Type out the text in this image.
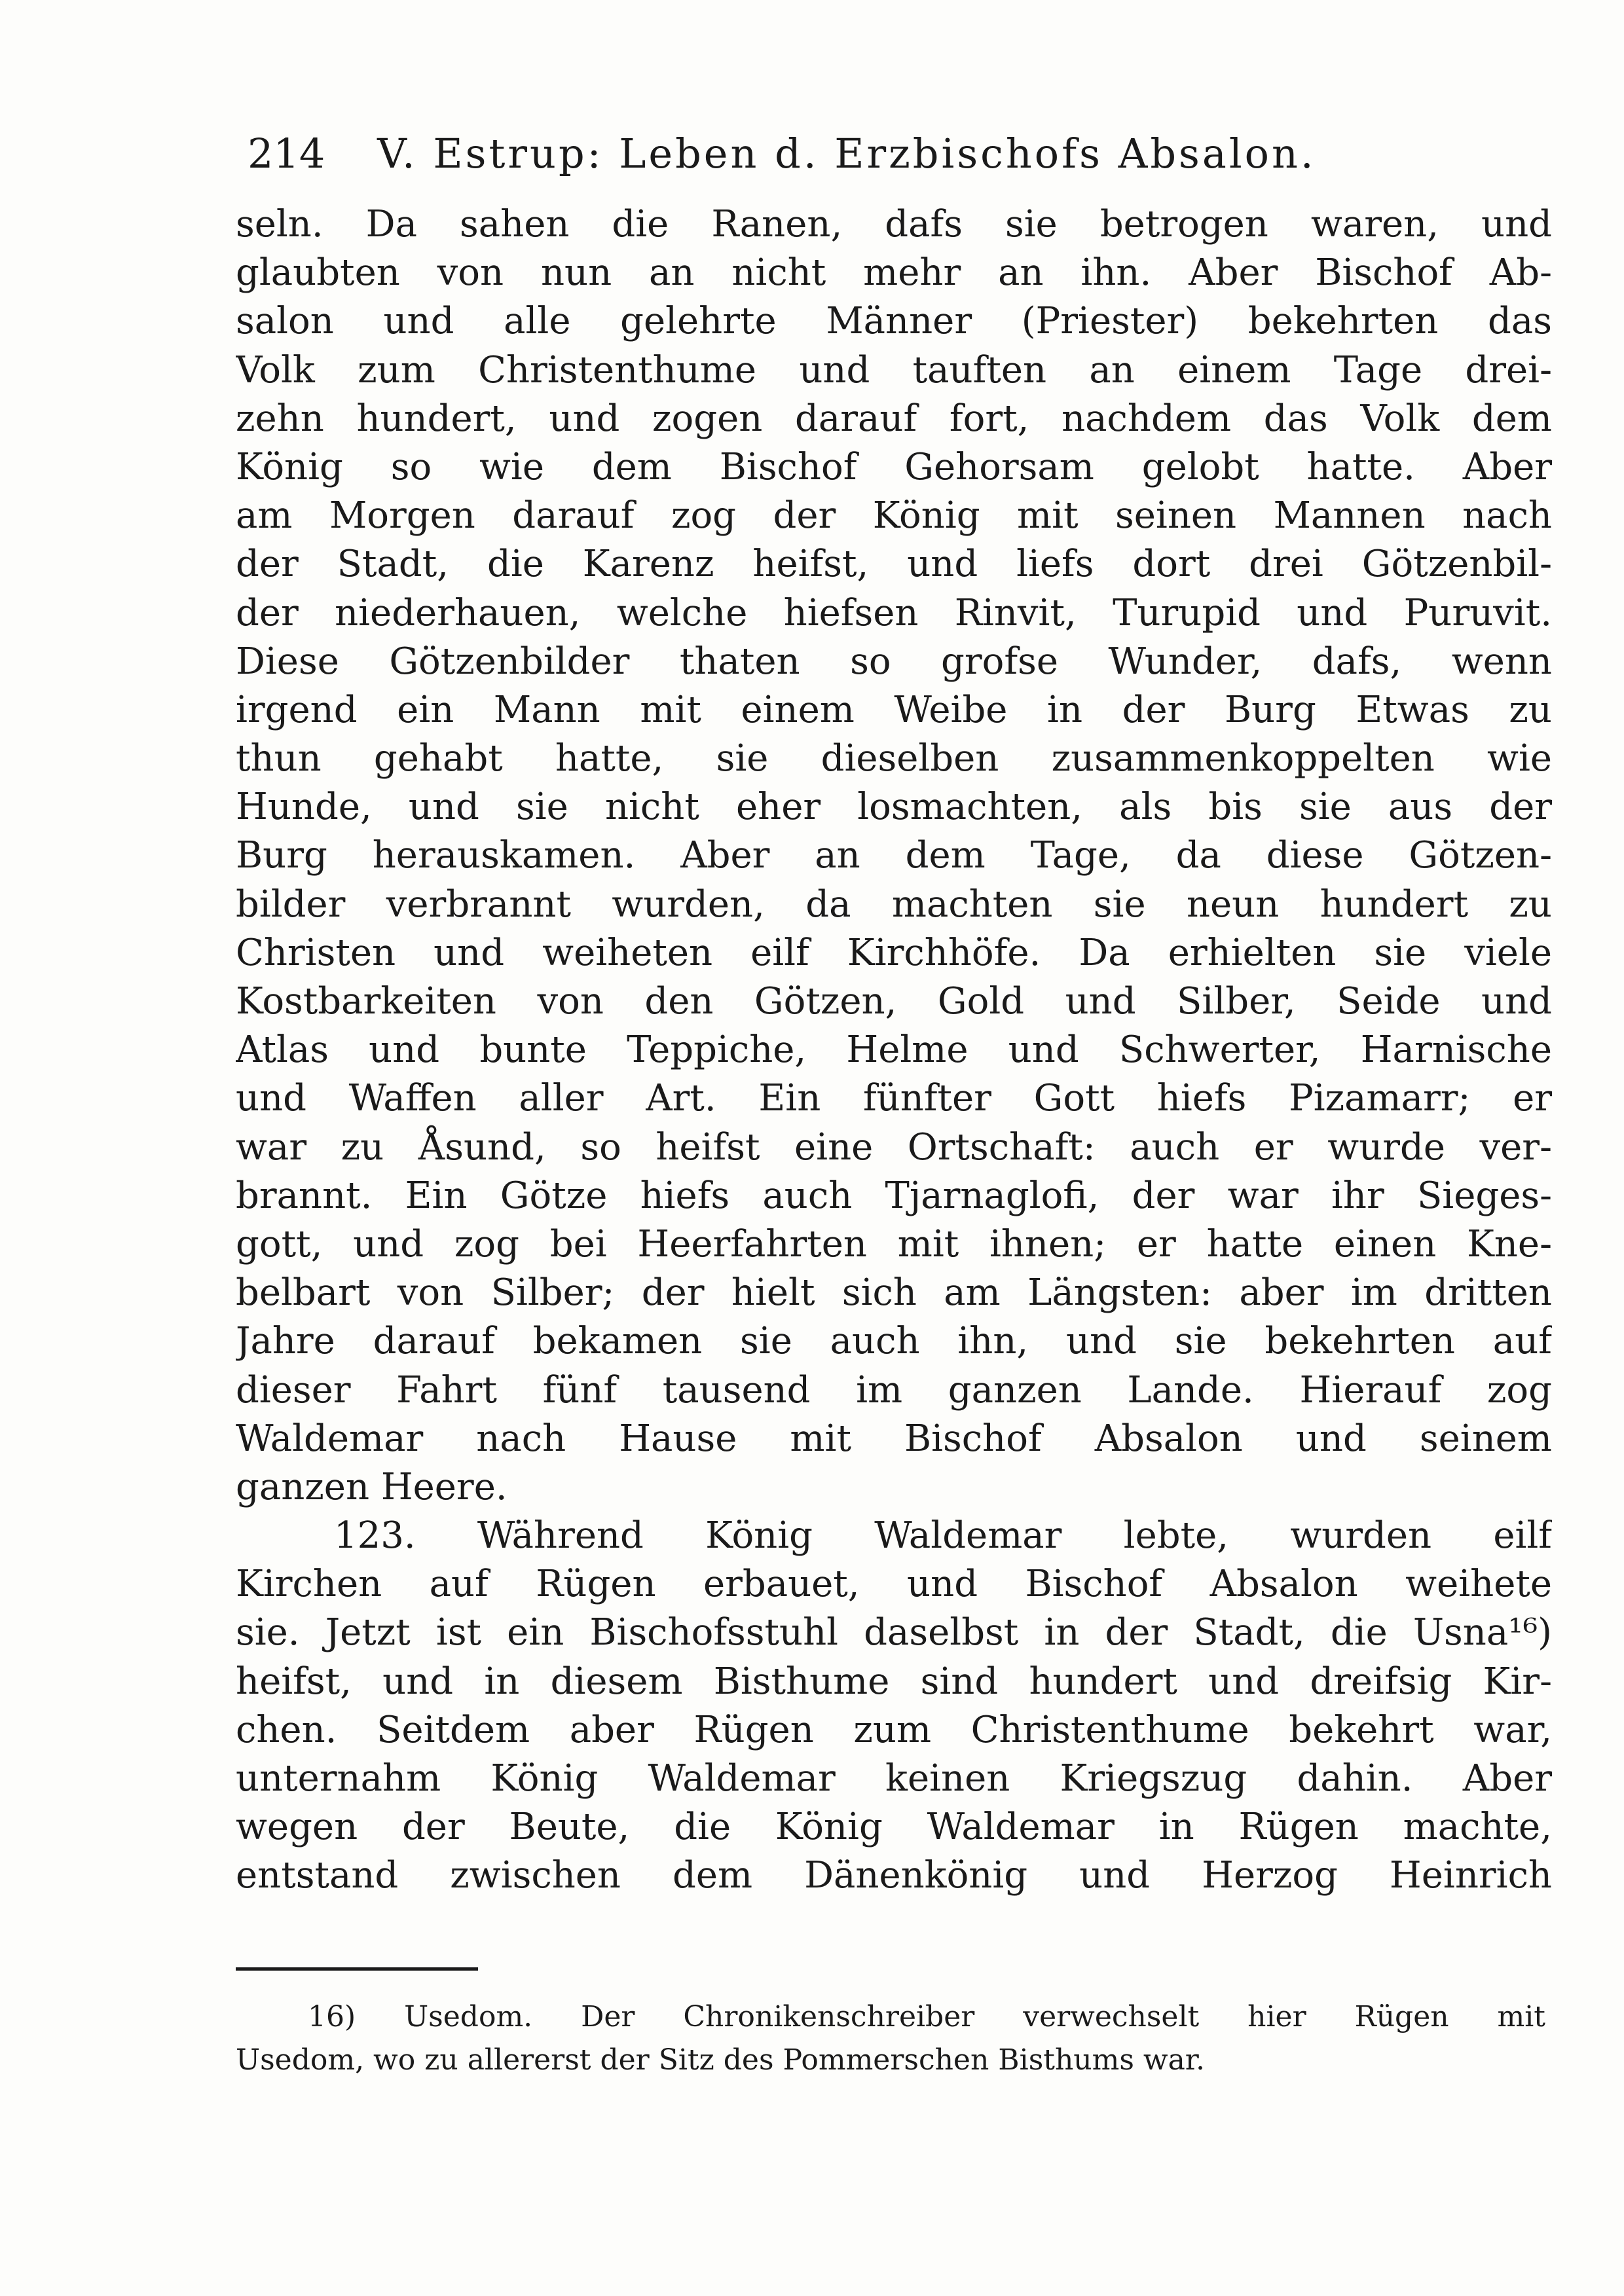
214 V. Estrup: Leben d. Erzbischofs Absalon.
seln. Da sahen die Ranen, dafs sie betrogen waren, und
glaubten von nun an nicht mehr an ihn. Aber Bischof Ab-
salon und alle gelehrte Männer (Priester) bekehrten das
Volk zum Christenthume und tauften an einem Tage drei-
zehn hundert, und zogen darauf fort, nachdem das Volk dem
König so wie dem Bischof Gehorsam gelobt hatte. Aber
am Morgen darauf zog der König mit seinen Mannen nach
der Stadt, die Karenz heifst, und liefs dort drei Götzenbil-
der niederhauen, welche hiefsen Rinvit, Turupid und Puruvit.
Diese Götzenbilder thaten so grofse Wunder, dafs, wenn
irgend ein Mann mit einem Weibe in der Burg Etwas zu
thun gehabt hatte, sie dieselben zusammenkoppelten wie
Hunde, und sie nicht eher losmachten, als bis sie aus der
Burg herauskamen. Aber an dem Tage, da diese Götzen-
bilder verbrannt wurden, da machten sie neun hundert zu
Christen und weiheten eilf Kirchhöfe. Da erhielten sie viele
Kostbarkeiten von den Götzen, Gold und Silber, Seide und
Atlas und bunte Teppiche, Helme und Schwerter, Harnische
und Waffen aller Art. Ein fünfter Gott hiefs Pizamarr; er
war zu Åsund, so heifst eine Ortschaft: auch er wurde ver-
brannt. Ein Götze hiefs auch Tjarnaglofi, der war ihr Sieges-
gott, und zog bei Heerfahrten mit ihnen; er hatte einen Kne-
belbart von Silber; der hielt sich am Längsten: aber im dritten
Jahre darauf bekamen sie auch ihn, und sie bekehrten auf
dieser Fahrt fünf tausend im ganzen Lande. Hierauf zog
Waldemar nach Hause mit Bischof Absalon und seinem
ganzen Heere.
123. Während König Waldemar lebte, wurden eilf
Kirchen auf Rügen erbauet, und Bischof Absalon weihete
sie. Jetzt ist ein Bischofsstuhl daselbst in der Stadt, die Usna¹⁶)
heifst, und in diesem Bisthume sind hundert und dreifsig Kir-
chen. Seitdem aber Rügen zum Christenthume bekehrt war,
unternahm König Waldemar keinen Kriegszug dahin. Aber
wegen der Beute, die König Waldemar in Rügen machte,
entstand zwischen dem Dänenkönig und Herzog Heinrich
16) Usedom. Der Chronikenschreiber verwechselt hier Rügen mit
Usedom, wo zu allererst der Sitz des Pommerschen Bisthums war.
